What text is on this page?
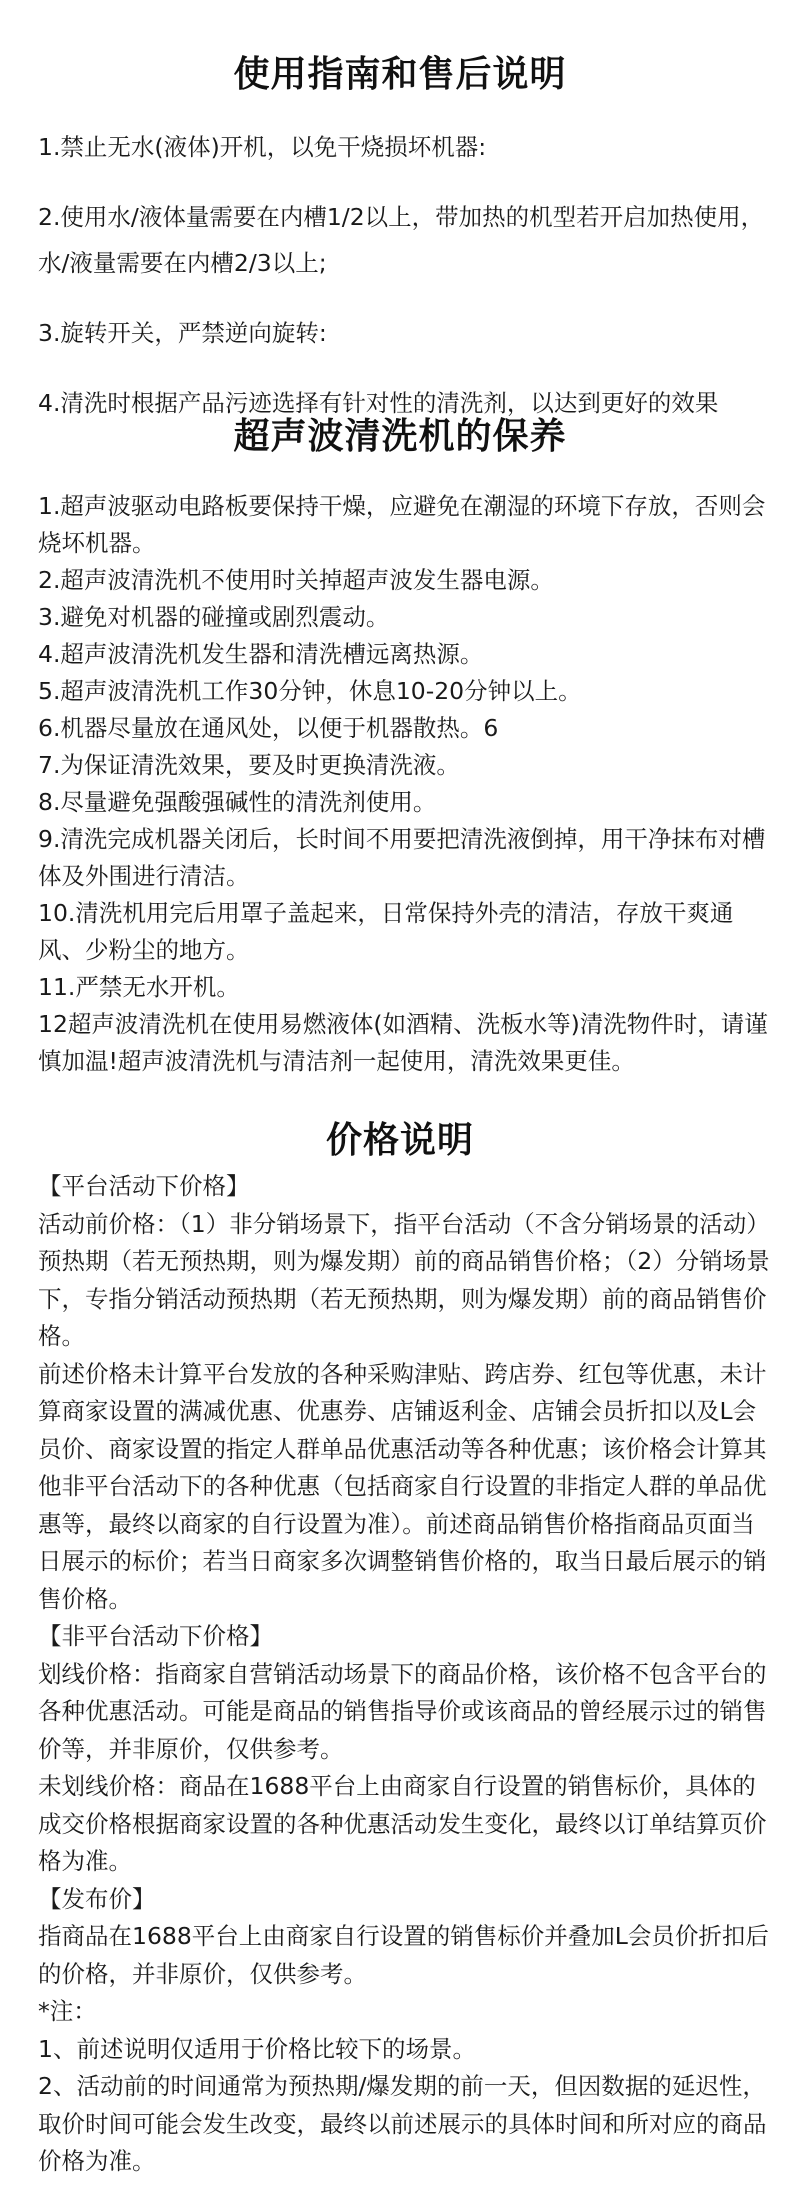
使用指南和售后说明

1.禁止无水(液体)开机，以免干烧损坏机器:

2.使用水/液体量需要在内槽1/2以上，带加热的机型若开启加热使用，水/液量需要在内槽2/3以上;

3.旋转开关，严禁逆向旋转:

4.清洗时根据产品污迹选择有针对性的清洗剂，以达到更好的效果

超声波清洗机的保养

1.超声波驱动电路板要保持干燥，应避免在潮湿的环境下存放，否则会烧坏机器。

2.超声波清洗机不使用时关掉超声波发生器电源。

3.避免对机器的碰撞或剧烈震动。

4.超声波清洗机发生器和清洗槽远离热源。

5.超声波清洗机工作30分钟，休息10-20分钟以上。

6.机器尽量放在通风处，以便于机器散热。6

7.为保证清洗效果，要及时更换清洗液。

8.尽量避免强酸强碱性的清洗剂使用。

9.清洗完成机器关闭后，长时间不用要把清洗液倒掉，用干净抹布对槽体及外围进行清洁。

10.清洗机用完后用罩子盖起来，日常保持外壳的清洁，存放干爽通风、少粉尘的地方。

11.严禁无水开机。

12超声波清洗机在使用易燃液体(如酒精、洗板水等)清洗物件时，请谨慎加温!超声波清洗机与清洁剂一起使用，清洗效果更佳。

价格说明

【平台活动下价格】

活动前价格：（1）非分销场景下，指平台活动（不含分销场景的活动）预热期（若无预热期，则为爆发期）前的商品销售价格；（2）分销场景下，专指分销活动预热期（若无预热期，则为爆发期）前的商品销售价格。

前述价格未计算平台发放的各种采购津贴、跨店券、红包等优惠，未计算商家设置的满减优惠、优惠券、店铺返利金、店铺会员折扣以及L会员价、商家设置的指定人群单品优惠活动等各种优惠；该价格会计算其他非平台活动下的各种优惠（包括商家自行设置的非指定人群的单品优惠等，最终以商家的自行设置为准）。前述商品销售价格指商品页面当日展示的标价；若当日商家多次调整销售价格的，取当日最后展示的销售价格。

【非平台活动下价格】

划线价格：指商家自营销活动场景下的商品价格，该价格不包含平台的各种优惠活动。可能是商品的销售指导价或该商品的曾经展示过的销售价等，并非原价，仅供参考。

未划线价格：商品在1688平台上由商家自行设置的销售标价，具体的成交价格根据商家设置的各种优惠活动发生变化，最终以订单结算页价格为准。

【发布价】

指商品在1688平台上由商家自行设置的销售标价并叠加L会员价折扣后的价格，并非原价，仅供参考。

*注：

1、前述说明仅适用于价格比较下的场景。

2、活动前的时间通常为预热期/爆发期的前一天，但因数据的延迟性，取价时间可能会发生改变，最终以前述展示的具体时间和所对应的商品价格为准。
